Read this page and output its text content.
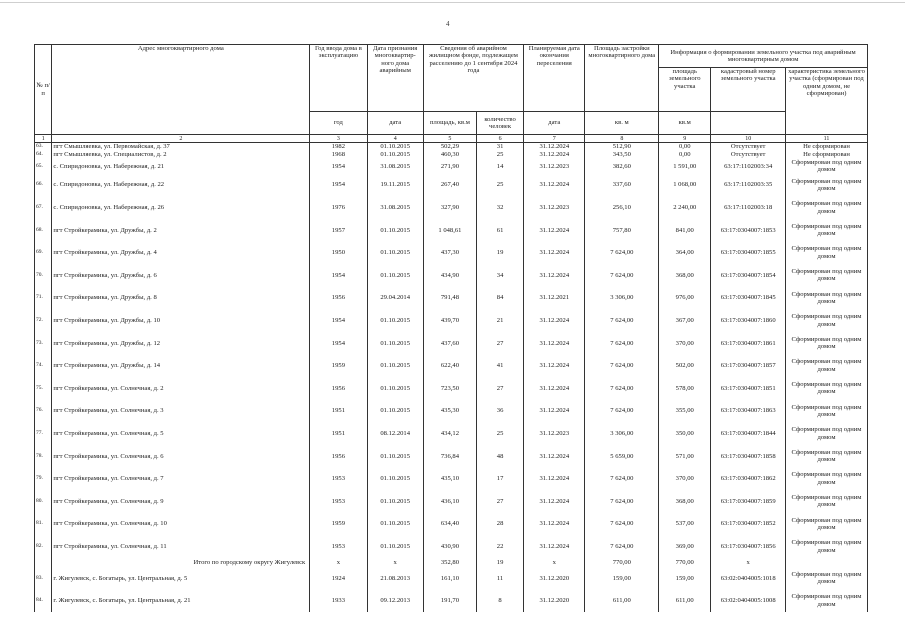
4
№ п/п	Адрес многоквартирного дома	Год ввода дома в эксплуатацию	Дата признания многоквартир-ного дома аварийным	Сведения об аварийном жилищном фонде, подлежащем расселению до 1 сентября 2024 года		Планируемая дата окончания переселения	Площадь застройки многоквартирного дома	Информация о формировании земельного участка под аварийным многоквартирным домом		
								площадь земельного участка	кадастровый номер земельного участка	характеристика земельного участка (сформирован под одним домом, не сформирован)
		год	дата	площадь, кв.м	количество человек	дата	кв. м	кв.м		
1	2	3	4	5	6	7	8	9	10	11
63.	пгт Смышляевка, ул. Первомайская, д. 37	1982	01.10.2015	502,29	31	31.12.2024	512,90	0,00	Отсутствует	Не сформирован
64.	пгт Смышляевка, ул. Специалистов, д. 2	1968	01.10.2015	460,30	25	31.12.2024	343,50	0,00	Отсутствует	Не сформирован
65.	с. Спиридоновка, ул. Набережная, д. 21	1954	31.08.2015	271,90	14	31.12.2023	382,60	1 591,00	63:17:1102003:34	Сформирован под одним домом
66.	с. Спиридоновка, ул. Набережная, д. 22	1954	19.11.2015	267,40	25	31.12.2024	337,60	1 068,00	63:17:1102003:35	Сформирован под одним домом
67.	с. Спиридоновка, ул. Набережная, д. 26	1976	31.08.2015	327,90	32	31.12.2023	256,10	2 240,00	63:17:1102003:18	Сформирован под одним домом
68.	пгт Стройкерамика, ул. Дружбы, д. 2	1957	01.10.2015	1 048,61	61	31.12.2024	757,80	841,00	63:17:0304007:1853	Сформирован под одним домом
69.	пгт Стройкерамика, ул. Дружбы, д. 4	1950	01.10.2015	437,30	19	31.12.2024	7 624,00	364,00	63:17:0304007:1855	Сформирован под одним домом
70.	пгт Стройкерамика, ул. Дружбы, д. 6	1954	01.10.2015	434,90	34	31.12.2024	7 624,00	368,00	63:17:0304007:1854	Сформирован под одним домом
71.	пгт Стройкерамика, ул. Дружбы, д. 8	1956	29.04.2014	791,48	84	31.12.2021	3 306,00	976,00	63:17:0304007:1845	Сформирован под одним домом
72.	пгт Стройкерамика, ул. Дружбы, д. 10	1954	01.10.2015	439,70	21	31.12.2024	7 624,00	367,00	63:17:0304007:1860	Сформирован под одним домом
73.	пгт Стройкерамика, ул. Дружбы, д. 12	1954	01.10.2015	437,60	27	31.12.2024	7 624,00	370,00	63:17:0304007:1861	Сформирован под одним домом
74.	пгт Стройкерамика, ул. Дружбы, д. 14	1959	01.10.2015	622,40	41	31.12.2024	7 624,00	502,00	63:17:0304007:1857	Сформирован под одним домом
75.	пгт Стройкерамика, ул. Солнечная, д. 2	1956	01.10.2015	723,50	27	31.12.2024	7 624,00	578,00	63:17:0304007:1851	Сформирован под одним домом
76.	пгт Стройкерамика, ул. Солнечная, д. 3	1951	01.10.2015	435,30	36	31.12.2024	7 624,00	355,00	63:17:0304007:1863	Сформирован под одним домом
77.	пгт Стройкерамика, ул. Солнечная, д. 5	1951	08.12.2014	434,12	25	31.12.2023	3 306,00	350,00	63:17:0304007:1844	Сформирован под одним домом
78.	пгт Стройкерамика, ул. Солнечная, д. 6	1956	01.10.2015	736,84	48	31.12.2024	5 659,00	571,00	63:17:0304007:1858	Сформирован под одним домом
79.	пгт Стройкерамика, ул. Солнечная, д. 7	1953	01.10.2015	435,10	17	31.12.2024	7 624,00	370,00	63:17:0304007:1862	Сформирован под одним домом
80.	пгт Стройкерамика, ул. Солнечная, д. 9	1953	01.10.2015	436,10	27	31.12.2024	7 624,00	368,00	63:17:0304007:1859	Сформирован под одним домом
81.	пгт Стройкерамика, ул. Солнечная, д. 10	1959	01.10.2015	634,40	28	31.12.2024	7 624,00	537,00	63:17:0304007:1852	Сформирован под одним домом
82.	пгт Стройкерамика, ул. Солнечная, д. 11	1953	01.10.2015	430,90	22	31.12.2024	7 624,00	369,00	63:17:0304007:1856	Сформирован под одним домом
	Итого по городскому округу Жигулевск	x	x	352,80	19	x	770,00	770,00	x	
83.	г. Жигулевск, с. Богатырь, ул. Центральная, д. 5	1924	21.08.2013	161,10	11	31.12.2020	159,00	159,00	63:02:0404005:1018	Сформирован под одним домом
84.	г. Жигулевск, с. Богатырь, ул. Центральная, д. 21	1933	09.12.2013	191,70	8	31.12.2020	611,00	611,00	63:02:0404005:1008	Сформирован под одним домом
